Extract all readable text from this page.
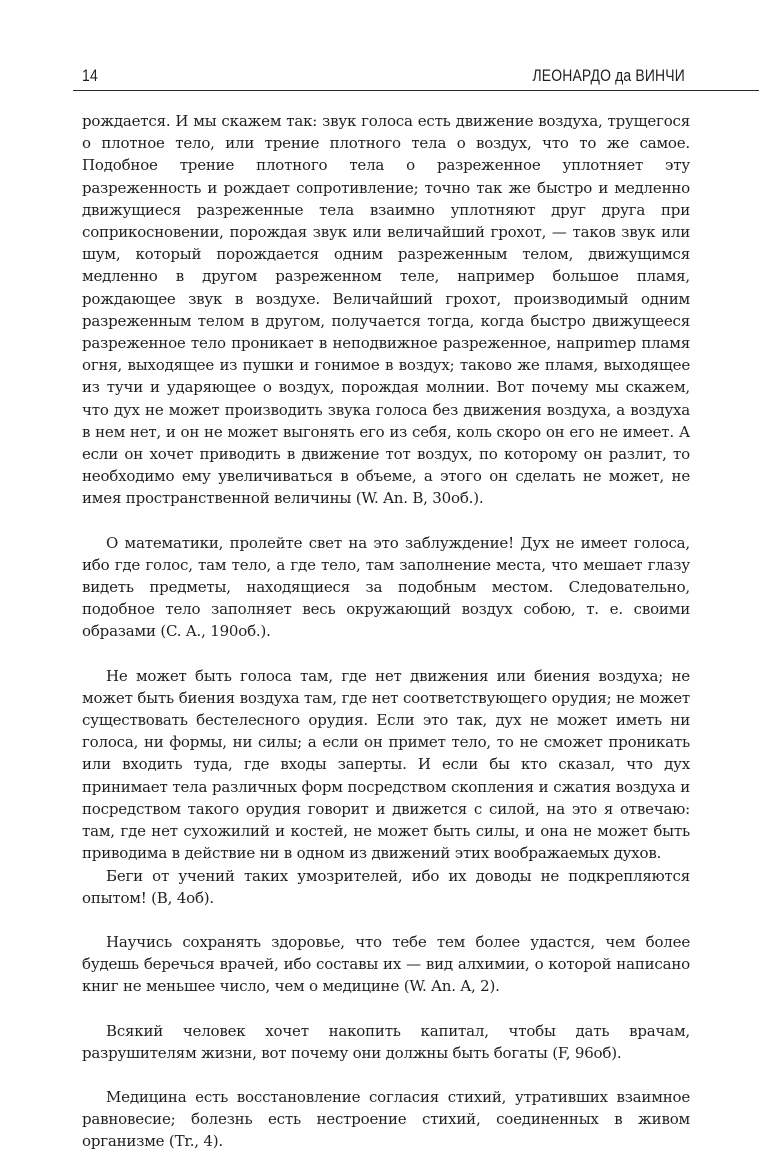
14	ЛЕОНАРДО да ВИНЧИ

рождается. И мы скажем так: звук голоса есть движение воздуха, трущегося о плотное тело, или трение плотного тела о воздух, что то же самое. Подобное трение плотного тела о разреженное уплотняет эту разреженность и рождает сопротивление; точно так же быстро и медленно движущиеся разреженные тела взаимно уплотняют друг друга при соприкосновении, порождая звук или величайший грохот, — таков звук или шум, который порождается одним разреженным телом, движущимся медленно в другом разреженном теле, например большое пламя, рождающее звук в воздухе. Величайший грохот, производимый одним разреженным телом в другом, получается тогда, когда быстро движущееся разреженное тело проникает в неподвижное разреженное, наприmер пламя огня, выходящее из пушки и гонимое в воздух; таково же пламя, выходящее из тучи и ударяющее о воздух, порождая молнии. Вот почему мы скажем, что дух не может производить звука голоса без движения воздуха, а воздуха в нем нет, и он не может выгонять его из себя, коль скоро он его не имеет. А если он хочет приводить в движение тот воздух, по которому он разлит, то необходимо ему увеличиваться в объеме, а этого он сделать не может, не имея пространственной величины (W. An. B, 30об.).

О математики, пролейте свет на это заблуждение! Дух не имеет голоса, ибо где голос, там тело, а где тело, там заполнение места, что мешает глазу видеть предметы, находящиеся за подобным местом. Следовательно, подобное тело заполняет весь окружающий воздух собою, т. е. своими образами (C. A., 190об.).

Не может быть голоса там, где нет движения или биения воздуха; не может быть биения воздуха там, где нет соответствующего орудия; не может существовать бестелесного орудия. Если это так, дух не может иметь ни голоса, ни формы, ни силы; а если он примет тело, то не сможет проникать или входить туда, где входы заперты. И если бы кто сказал, что дух принимает тела различных форм посредством скопления и сжатия воздуха и посредством такого орудия говорит и движется с силой, на это я отвечаю: там, где нет сухожилий и костей, не может быть силы, и она не может быть приводима в действие ни в одном из движений этих воображаемых духов.

Беги от учений таких умозрителей, ибо их доводы не подкрепляются опытом! (B, 4об).

Научись сохранять здоровье, что тебе тем более удастся, чем более будешь беречься врачей, ибо составы их — вид алхимии, о которой написано книг не меньшее число, чем о медицине (W. An. A, 2).

Всякий человек хочет накопить капитал, чтобы дать врачам, разрушителям жизни, вот почему они должны быть богаты (F, 96об).

Медицина есть восстановление согласия стихий, утративших взаимное равновесие; болезнь есть нестроение стихий, соединенных в живом организме (Tr., 4).
